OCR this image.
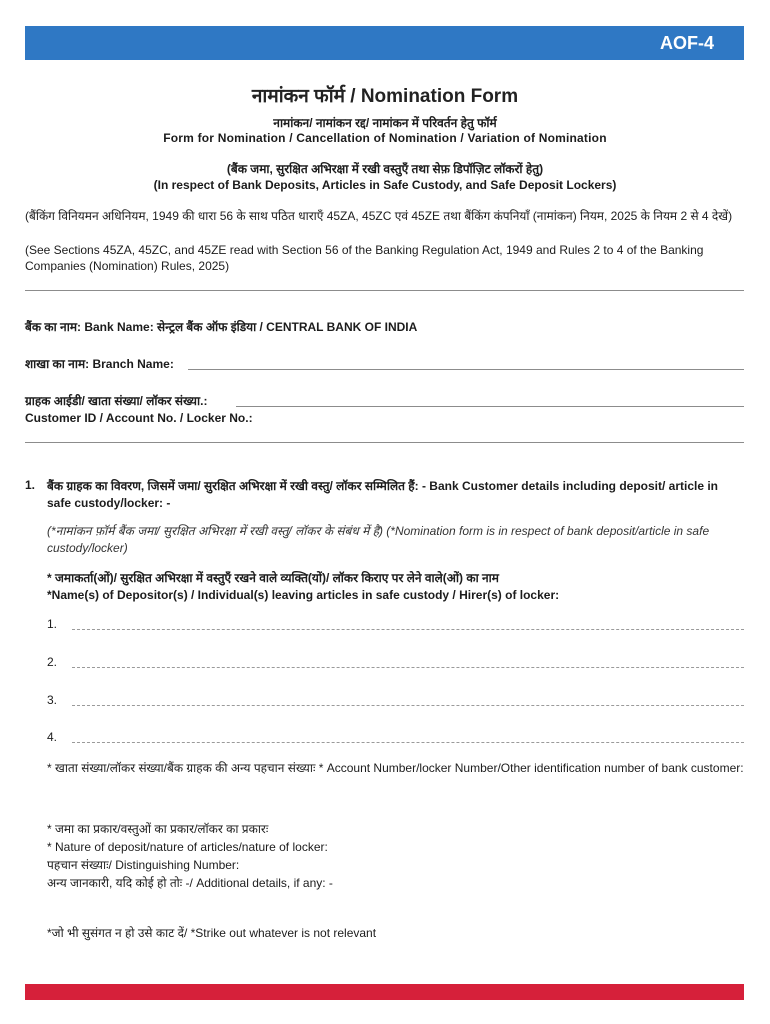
AOF-4
नामांकन फॉर्म / Nomination Form
नामांकन/ नामांकन रद्द/ नामांकन में परिवर्तन हेतु फॉर्म
Form for Nomination / Cancellation of Nomination / Variation of Nomination
(बैंक जमा, सुरक्षित अभिरक्षा में रखी वस्तुएँ तथा सेफ़ डिपॉज़िट लॉकरों हेतु)
(In respect of Bank Deposits, Articles in Safe Custody, and Safe Deposit Lockers)
(बैंकिंग विनियमन अधिनियम, 1949 की धारा 56 के साथ पठित धाराएँ 45ZA, 45ZC एवं 45ZE तथा बैंकिंग कंपनियाँ (नामांकन) नियम, 2025 के नियम 2 से 4 देखें)
(See Sections 45ZA, 45ZC, and 45ZE read with Section 56 of the Banking Regulation Act, 1949 and Rules 2 to 4 of the Banking Companies (Nomination) Rules, 2025)
बैंक का नाम: Bank Name: सेन्ट्रल बैंक ऑफ इंडिया / CENTRAL BANK OF INDIA
शाखा का नाम: Branch Name:
ग्राहक आईडी/ खाता संख्या/ लॉकर संख्या.:
Customer ID / Account No. / Locker No.:
1. बैंक ग्राहक का विवरण, जिसमें जमा/ सुरक्षित अभिरक्षा में रखी वस्तु/ लॉकर सम्मिलित हैं: - Bank Customer details including deposit/ article in safe custody/locker: -
(*नामांकन फ़ॉर्म बैंक जमा/ सुरक्षित अभिरक्षा में रखी वस्तु/ लॉकर के संबंध में है) (*Nomination form is in respect of bank deposit/article in safe custody/locker)
* जमाकर्ता(ओं)/ सुरक्षित अभिरक्षा में वस्तुएँ रखने वाले व्यक्ति(यों)/ लॉकर किराए पर लेने वाले(ओं) का नाम
*Name(s) of Depositor(s) / Individual(s) leaving articles in safe custody / Hirer(s) of locker:
1.
2.
3.
4.
* खाता संख्या/लॉकर संख्या/बैंक ग्राहक की अन्य पहचान संख्याः * Account Number/locker Number/Other identification number of bank customer:
* जमा का प्रकार/वस्तुओं का प्रकार/लॉकर का प्रकारः
* Nature of deposit/nature of articles/nature of locker:
पहचान संख्याः/ Distinguishing Number:
अन्य जानकारी, यदि कोई हो तोः -/ Additional details, if any: -
*जो भी सुसंगत न हो उसे काट दें/ *Strike out whatever is not relevant
